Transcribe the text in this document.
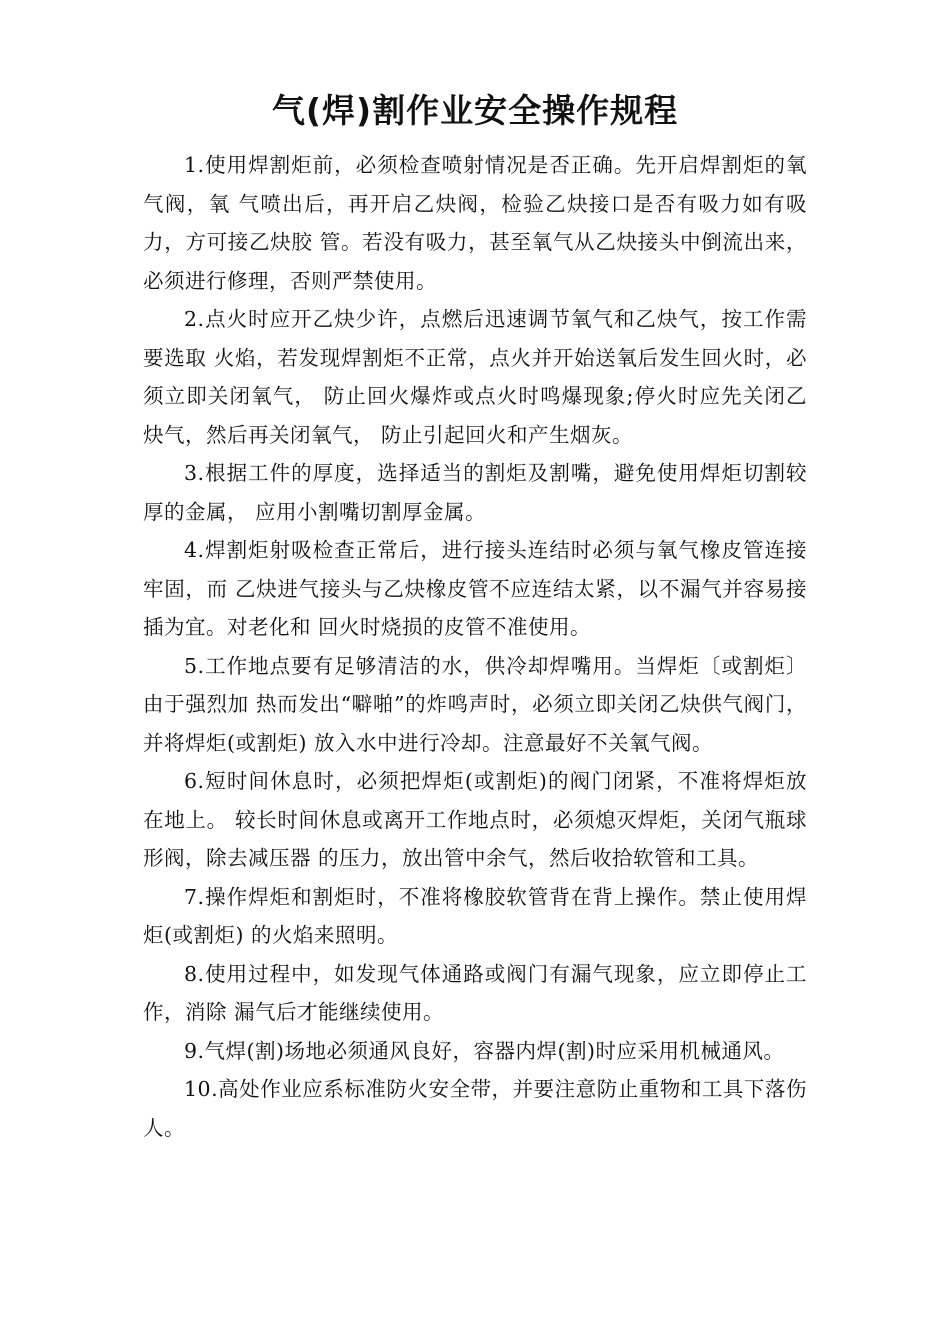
气(焊)割作业安全操作规程

1.使用焊割炬前，必须检查喷射情况是否正确。先开启焊割炬的氧气阀，氧 气喷出后，再开启乙炔阀，检验乙炔接口是否有吸力如有吸力，方可接乙炔胶 管。若没有吸力，甚至氧气从乙炔接头中倒流出来，必须进行修理，否则严禁使用。

2.点火时应开乙炔少许，点燃后迅速调节氧气和乙炔气，按工作需要选取 火焰，若发现焊割炬不正常，点火并开始送氧后发生回火时，必须立即关闭氧气， 防止回火爆炸或点火时鸣爆现象;停火时应先关闭乙炔气，然后再关闭氧气， 防止引起回火和产生烟灰。

3.根据工件的厚度，选择适当的割炬及割嘴，避免使用焊炬切割较厚的金属， 应用小割嘴切割厚金属。

4.焊割炬射吸检查正常后，进行接头连结时必须与氧气橡皮管连接牢固，而 乙炔进气接头与乙炔橡皮管不应连结太紧，以不漏气并容易接插为宜。对老化和 回火时烧损的皮管不准使用。

5.工作地点要有足够清洁的水，供冷却焊嘴用。当焊炬〔或割炬〕由于强烈加 热而发出“噼啪”的炸鸣声时，必须立即关闭乙炔供气阀门，并将焊炬(或割炬) 放入水中进行冷却。注意最好不关氧气阀。

6.短时间休息时，必须把焊炬(或割炬)的阀门闭紧，不准将焊炬放在地上。 较长时间休息或离开工作地点时，必须熄灭焊炬，关闭气瓶球形阀，除去减压器 的压力，放出管中余气，然后收拾软管和工具。

7.操作焊炬和割炬时，不准将橡胶软管背在背上操作。禁止使用焊炬(或割炬) 的火焰来照明。

8.使用过程中，如发现气体通路或阀门有漏气现象，应立即停止工作，消除 漏气后才能继续使用。

9.气焊(割)场地必须通风良好，容器内焊(割)时应采用机械通风。

10.高处作业应系标准防火安全带，并要注意防止重物和工具下落伤人。
